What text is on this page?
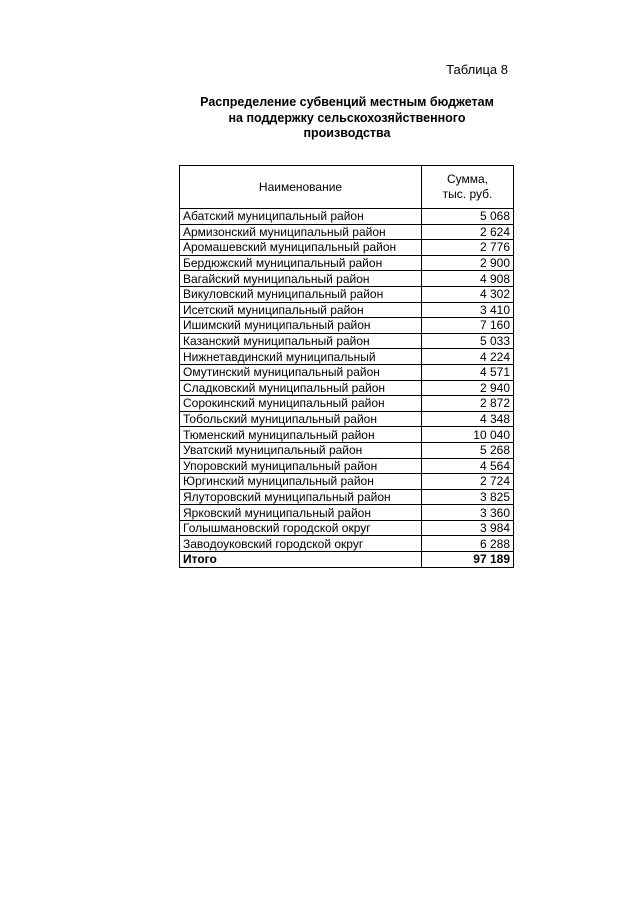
Таблица 8
Распределение субвенций местным бюджетам
на поддержку сельскохозяйственного
производства
Наименование	Сумма,
тыс. руб.

Абатский муниципальный район	5 068
Армизонский муниципальный район	2 624
Аромашевский муниципальный район	2 776
Бердюжский муниципальный район	2 900
Вагайский муниципальный район	4 908
Викуловский муниципальный район	4 302
Исетский муниципальный район	3 410
Ишимский муниципальный район	7 160
Казанский муниципальный район	5 033
Нижнетавдинский муниципальный	4 224
Омутинский муниципальный район	4 571
Сладковский муниципальный район	2 940
Сорокинский муниципальный район	2 872
Тобольский муниципальный район	4 348
Тюменский муниципальный район	10 040
Уватский муниципальный район	5 268
Упоровский муниципальный район	4 564
Юргинский муниципальный район	2 724
Ялуторовский муниципальный район	3 825
Ярковский муниципальный район	3 360
Голышмановский городской округ	3 984
Заводоуковский городской округ	6 288
Итого	97 189
